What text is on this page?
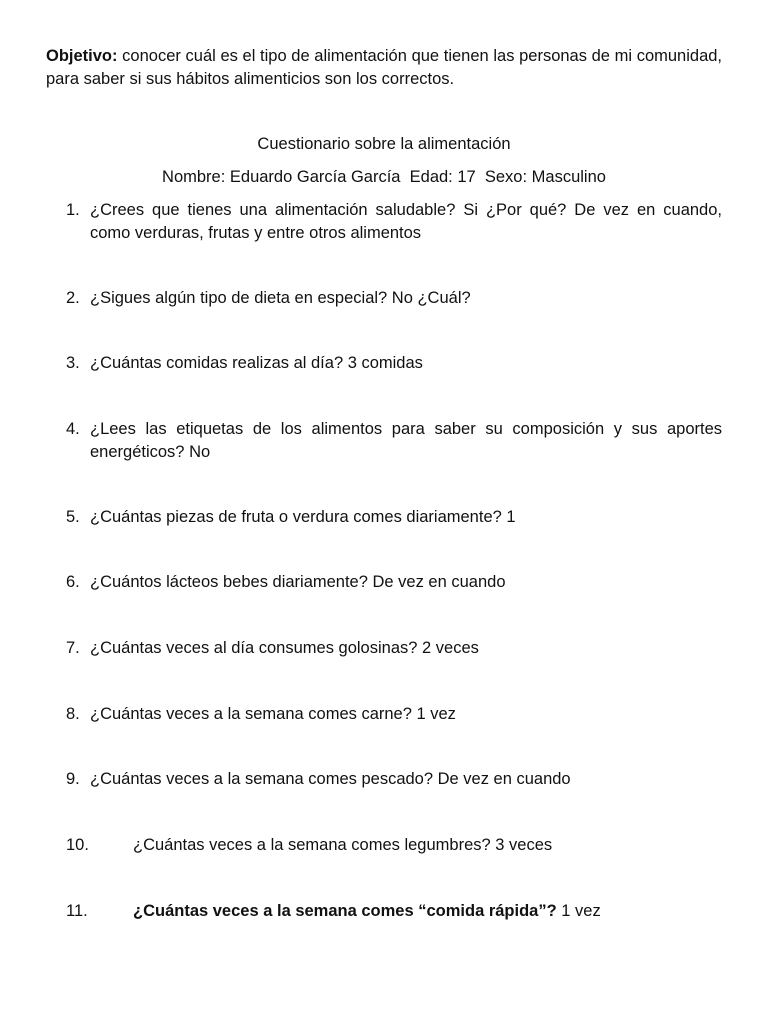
Objetivo: conocer cuál es el tipo de alimentación que tienen las personas de mi comunidad, para saber si sus hábitos alimenticios son los correctos.

Cuestionario sobre la alimentación
Nombre: Eduardo García García  Edad: 17  Sexo: Masculino
1. ¿Crees que tienes una alimentación saludable? Si ¿Por qué? De vez en cuando, como verduras, frutas y entre otros alimentos
2. ¿Sigues algún tipo de dieta en especial? No ¿Cuál?
3. ¿Cuántas comidas realizas al día? 3 comidas
4. ¿Lees las etiquetas de los alimentos para saber su composición y sus aportes energéticos? No
5. ¿Cuántas piezas de fruta o verdura comes diariamente? 1
6. ¿Cuántos lácteos bebes diariamente? De vez en cuando
7. ¿Cuántas veces al día consumes golosinas? 2 veces
8. ¿Cuántas veces a la semana comes carne? 1 vez
9. ¿Cuántas veces a la semana comes pescado? De vez en cuando
10.	¿Cuántas veces a la semana comes legumbres? 3 veces
11.	¿Cuántas veces a la semana comes “comida rápida”? 1 vez
